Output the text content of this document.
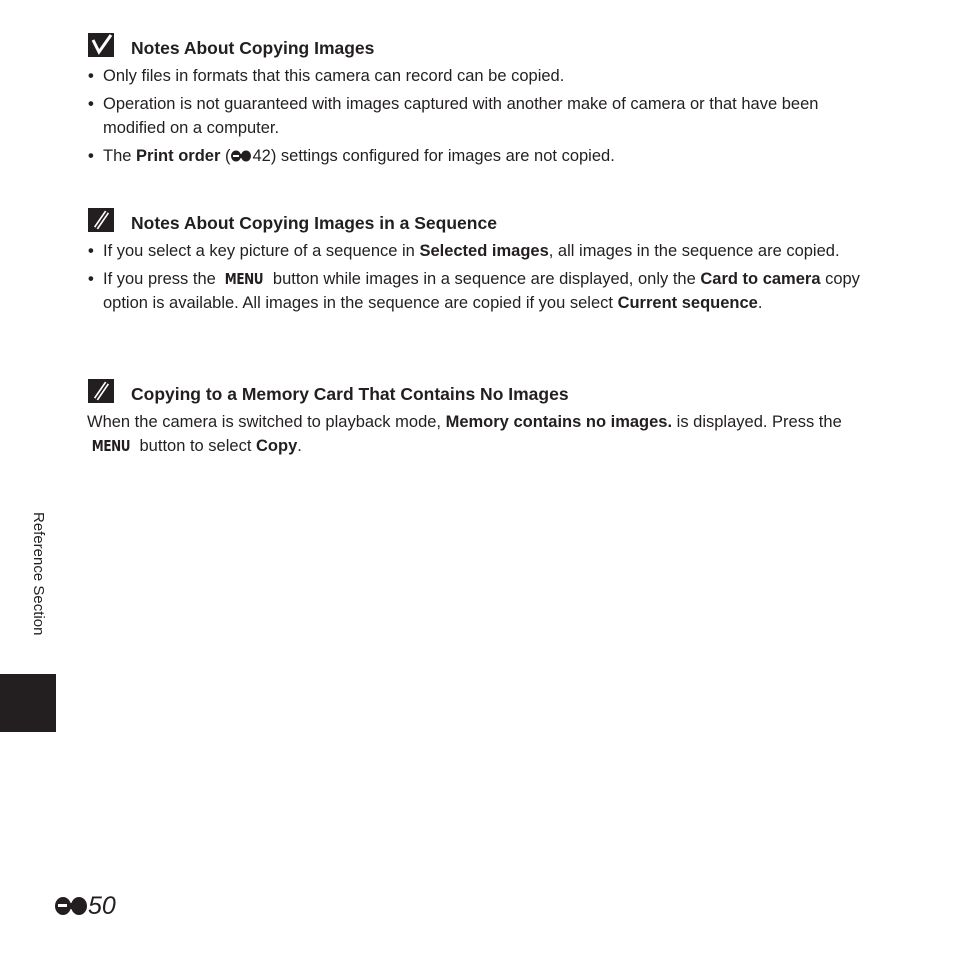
Notes About Copying Images
• Only files in formats that this camera can record can be copied.
• Operation is not guaranteed with images captured with another make of camera or that have been modified on a computer.
• The Print order ( 42) settings configured for images are not copied.
Notes About Copying Images in a Sequence
• If you select a key picture of a sequence in Selected images, all images in the sequence are copied.
• If you press the MENU button while images in a sequence are displayed, only the Card to camera copy option is available. All images in the sequence are copied if you select Current sequence.
Copying to a Memory Card That Contains No Images

When the camera is switched to playback mode, Memory contains no images. is displayed. Press the MENU button to select Copy.

Reference Section
50
